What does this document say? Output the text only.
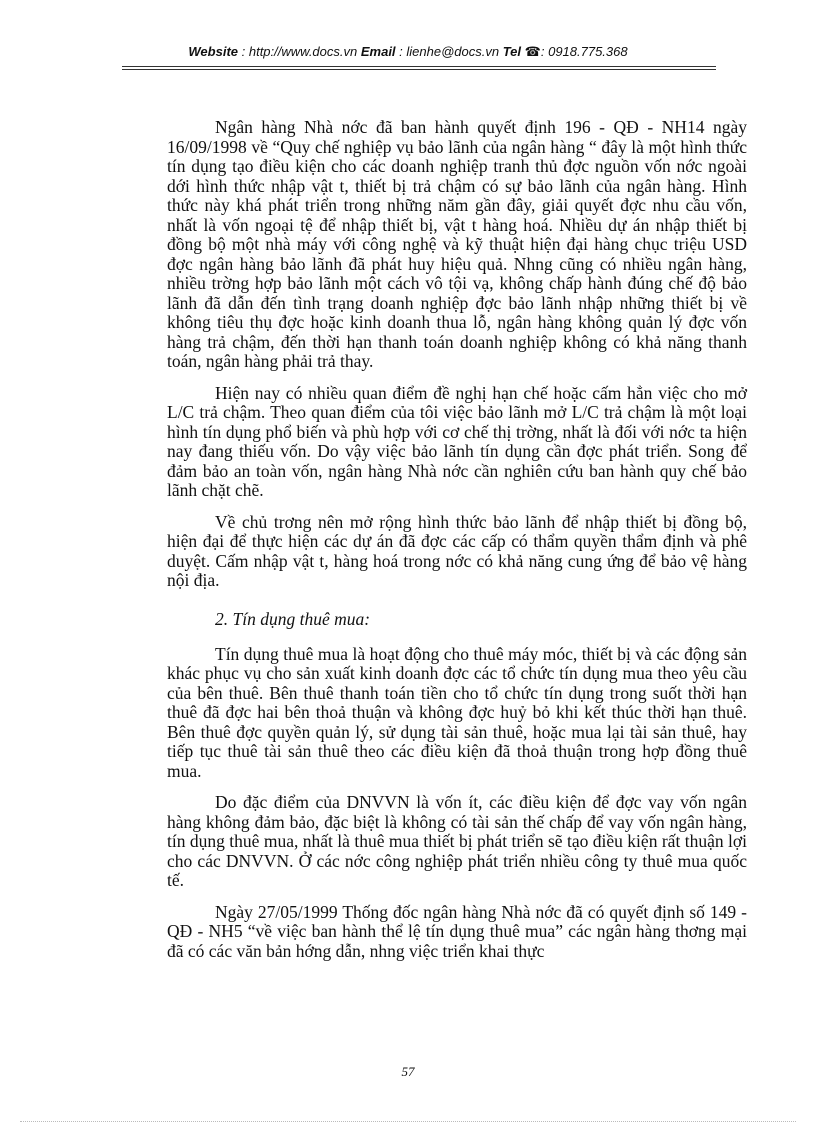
Website : http://www.docs.vn Email : lienhe@docs.vn Tel ☎: 0918.775.368

Ngân hàng Nhà nớc đã ban hành quyết định 196 - QĐ - NH14 ngày 16/09/1998 về “Quy chế nghiệp vụ bảo lãnh của ngân hàng “ đây là một hình thức tín dụng tạo điều kiện cho các doanh nghiệp tranh thủ đợc nguồn vốn nớc ngoài dới hình thức nhập vật t, thiết bị trả chậm có sự bảo lãnh của ngân hàng. Hình thức này khá phát triển trong những năm gần đây, giải quyết đợc nhu cầu vốn, nhất là vốn ngoại tệ để nhập thiết bị, vật t hàng hoá. Nhiều dự án nhập thiết bị đồng bộ một nhà máy với công nghệ và kỹ thuật hiện đại hàng chục triệu USD đợc ngân hàng bảo lãnh đã phát huy hiệu quả. Nhng cũng có nhiều ngân hàng, nhiều trờng hợp bảo lãnh một cách vô tội vạ, không chấp hành đúng chế độ bảo lãnh đã dẫn đến tình trạng doanh nghiệp đợc bảo lãnh nhập những thiết bị về không tiêu thụ đợc hoặc kinh doanh thua lỗ, ngân hàng không quản lý đợc vốn hàng trả chậm, đến thời hạn thanh toán doanh nghiệp không có khả năng thanh toán, ngân hàng phải trả thay.

Hiện nay có nhiều quan điểm đề nghị hạn chế hoặc cấm hẳn việc cho mở L/C trả chậm. Theo quan điểm của tôi việc bảo lãnh mở L/C trả chậm là một loại hình tín dụng phổ biến và phù hợp với cơ chế thị trờng, nhất là đối với nớc ta hiện nay đang thiếu vốn. Do vậy việc bảo lãnh tín dụng cần đợc phát triển. Song để đảm bảo an toàn vốn, ngân hàng Nhà nớc cần nghiên cứu ban hành quy chế bảo lãnh chặt chẽ.

Về chủ trơng nên mở rộng hình thức bảo lãnh để nhập thiết bị đồng bộ, hiện đại để thực hiện các dự án đã đợc các cấp có thẩm quyền thẩm định và phê duyệt. Cấm nhập vật t, hàng hoá trong nớc có khả năng cung ứng để bảo vệ hàng nội địa.

2. Tín dụng thuê mua:

Tín dụng thuê mua là hoạt động cho thuê máy móc, thiết bị và các động sản khác phục vụ cho sản xuất kinh doanh đợc các tổ chức tín dụng mua theo yêu cầu của bên thuê. Bên thuê thanh toán tiền cho tổ chức tín dụng trong suốt thời hạn thuê đã đợc hai bên thoả thuận và không đợc huỷ bỏ khi kết thúc thời hạn thuê. Bên thuê đợc quyền quản lý, sử dụng tài sản thuê, hoặc mua lại tài sản thuê, hay tiếp tục thuê tài sản thuê theo các điều kiện đã thoả thuận trong hợp đồng thuê mua.

Do đặc điểm của DNVVN là vốn ít, các điều kiện để đợc vay vốn ngân hàng không đảm bảo, đặc biệt là không có tài sản thế chấp để vay vốn ngân hàng, tín dụng thuê mua, nhất là thuê mua thiết bị phát triển sẽ tạo điều kiện rất thuận lợi cho các DNVVN. Ở các nớc công nghiệp phát triển nhiều công ty thuê mua quốc tế.

Ngày 27/05/1999 Thống đốc ngân hàng Nhà nớc đã có quyết định số 149 - QĐ - NH5 “về việc ban hành thể lệ tín dụng thuê mua” các ngân hàng thơng mại đã có các văn bản hớng dẫn, nhng việc triển khai thực

57
